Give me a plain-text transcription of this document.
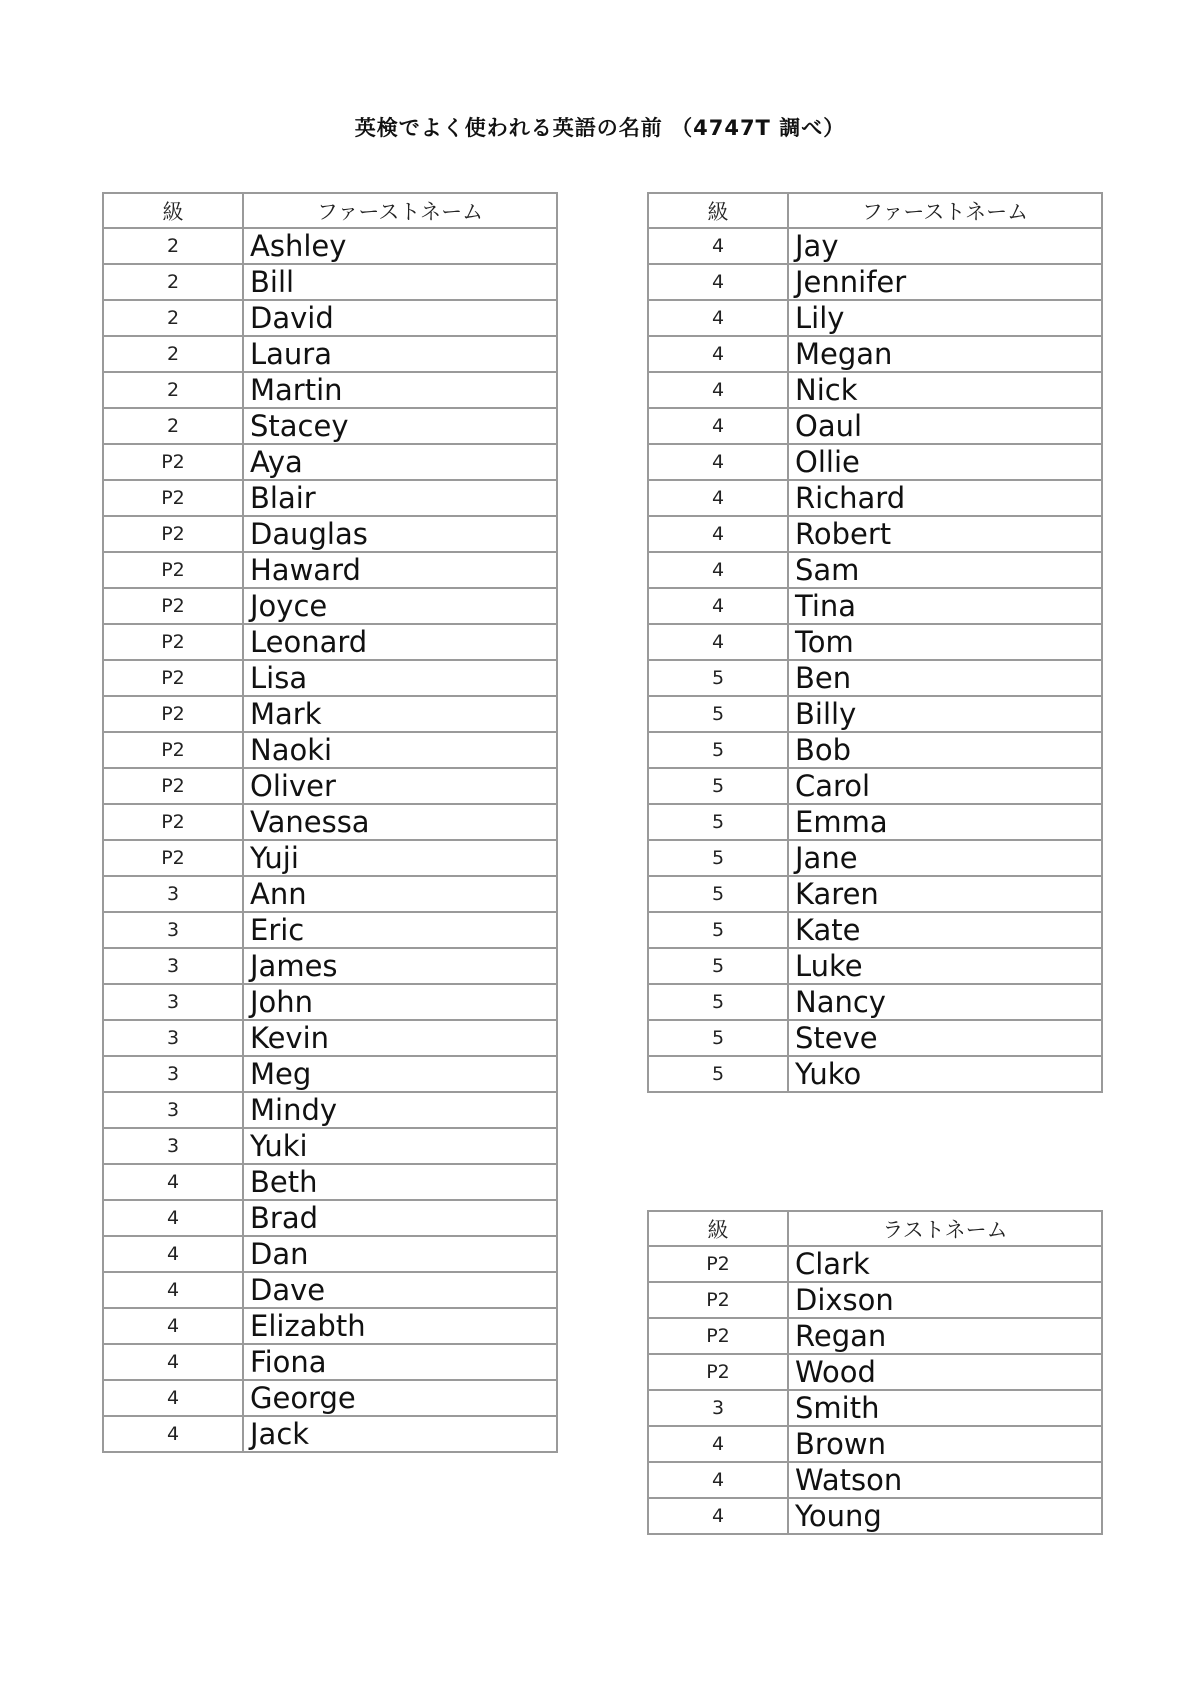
英検でよく使われる英語の名前 （4747T 調べ）
級	ファーストネーム
2	Ashley
2	Bill
2	David
2	Laura
2	Martin
2	Stacey
P2	Aya
P2	Blair
P2	Dauglas
P2	Haward
P2	Joyce
P2	Leonard
P2	Lisa
P2	Mark
P2	Naoki
P2	Oliver
P2	Vanessa
P2	Yuji
3	Ann
3	Eric
3	James
3	John
3	Kevin
3	Meg
3	Mindy
3	Yuki
4	Beth
4	Brad
4	Dan
4	Dave
4	Elizabth
4	Fiona
4	George
4	Jack
級	ファーストネーム
4	Jay
4	Jennifer
4	Lily
4	Megan
4	Nick
4	Oaul
4	Ollie
4	Richard
4	Robert
4	Sam
4	Tina
4	Tom
5	Ben
5	Billy
5	Bob
5	Carol
5	Emma
5	Jane
5	Karen
5	Kate
5	Luke
5	Nancy
5	Steve
5	Yuko
級	ラストネーム
P2	Clark
P2	Dixson
P2	Regan
P2	Wood
3	Smith
4	Brown
4	Watson
4	Young
